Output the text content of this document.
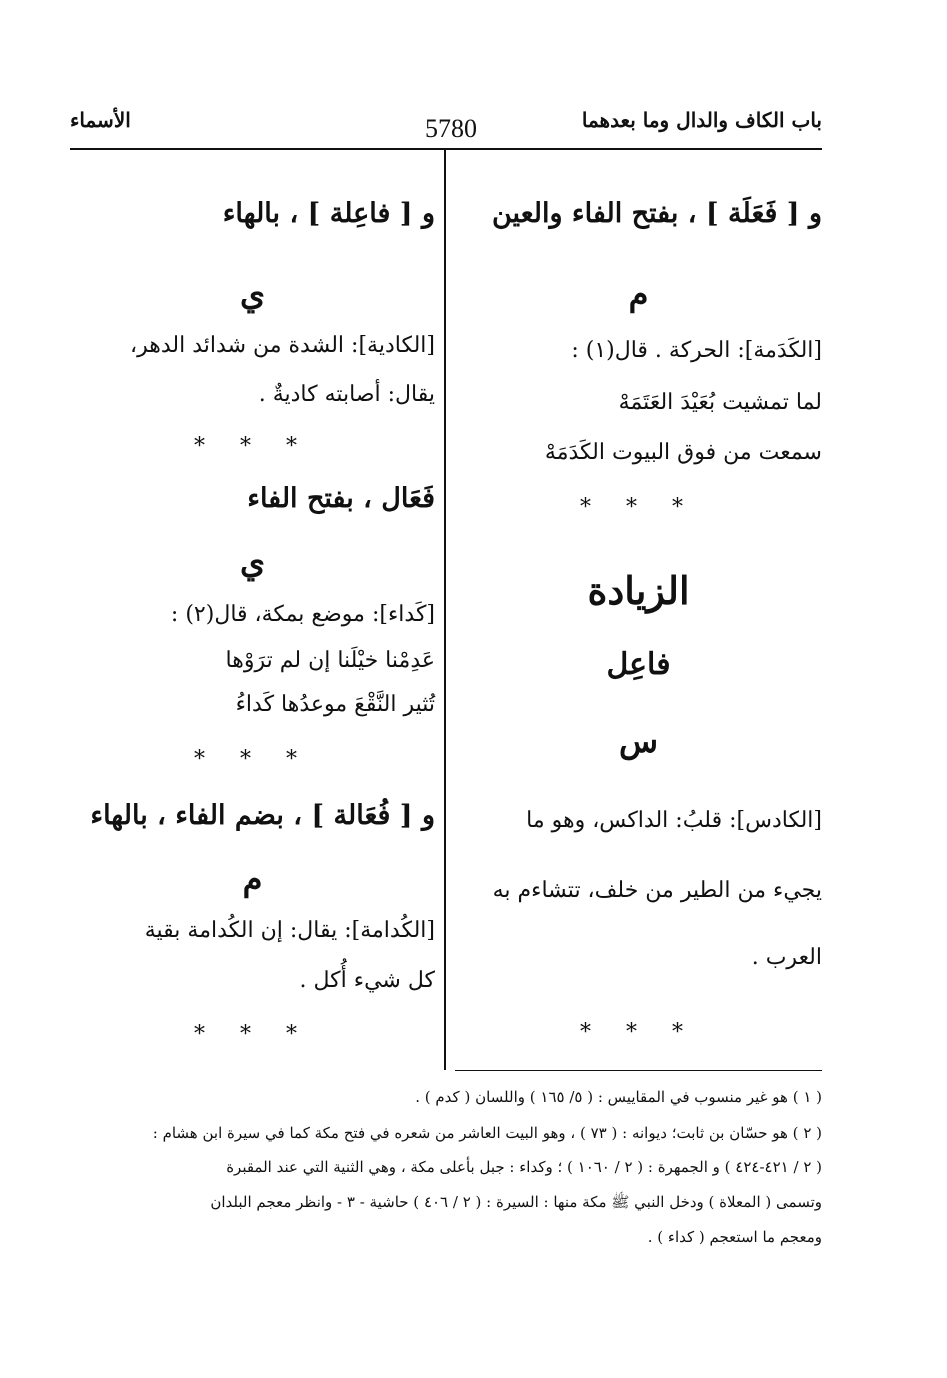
باب الكاف والدال وما بعدهما
5780
الأسماء
و [ فَعَلَة ] ، بفتح الفاء والعين
م
[الكَدَمة]: الحركة . قال(١) :
لما تمشيت بُعَيْدَ العَتَمَهْ
سمعت من فوق البيوت الكَدَمَهْ
* * *
الزيادة
فاعِل
س
[الكادس]: قلبُ: الداكس، وهو ما
يجيء من الطير من خلف، تتشاءم به
العرب .
* * *
و [ فاعِلة ] ، بالهاء
ي
[الكادية]: الشدة من شدائد الدهر،
يقال: أصابته كاديةٌ .
* * *
فَعَال ، بفتح الفاء
ي
[كَداء]: موضع بمكة، قال(٢) :
عَدِمْنا خيْلَنا إن لم ترَوْها
تُثير النَّقْعَ موعدُها كَداءُ
* * *
و [ فُعَالة ] ، بضم الفاء ، بالهاء
م
[الكُدامة]: يقال: إن الكُدامة بقية
كل شيء أُكل .
* * *
( ١ ) هو غير منسوب في المقاييس : ( ٥/ ١٦٥ ) واللسان ( كدم ) .
( ٢ ) هو حسّان بن ثابت؛ ديوانه : ( ٧٣ ) ، وهو البيت العاشر من شعره في فتح مكة كما في سيرة ابن هشام :
( ٢ / ٤٢١-٤٢٤ ) و الجمهرة : ( ٢ / ١٠٦٠ ) ؛ وكداء : جبل بأعلى مكة ، وهي الثنية التي عند المقبرة
وتسمى ( المعلاة ) ودخل النبي ﷺ مكة منها : السيرة : ( ٢ / ٤٠٦ ) حاشية - ٣ - وانظر معجم البلدان
ومعجم ما استعجم ( كداء ) .
